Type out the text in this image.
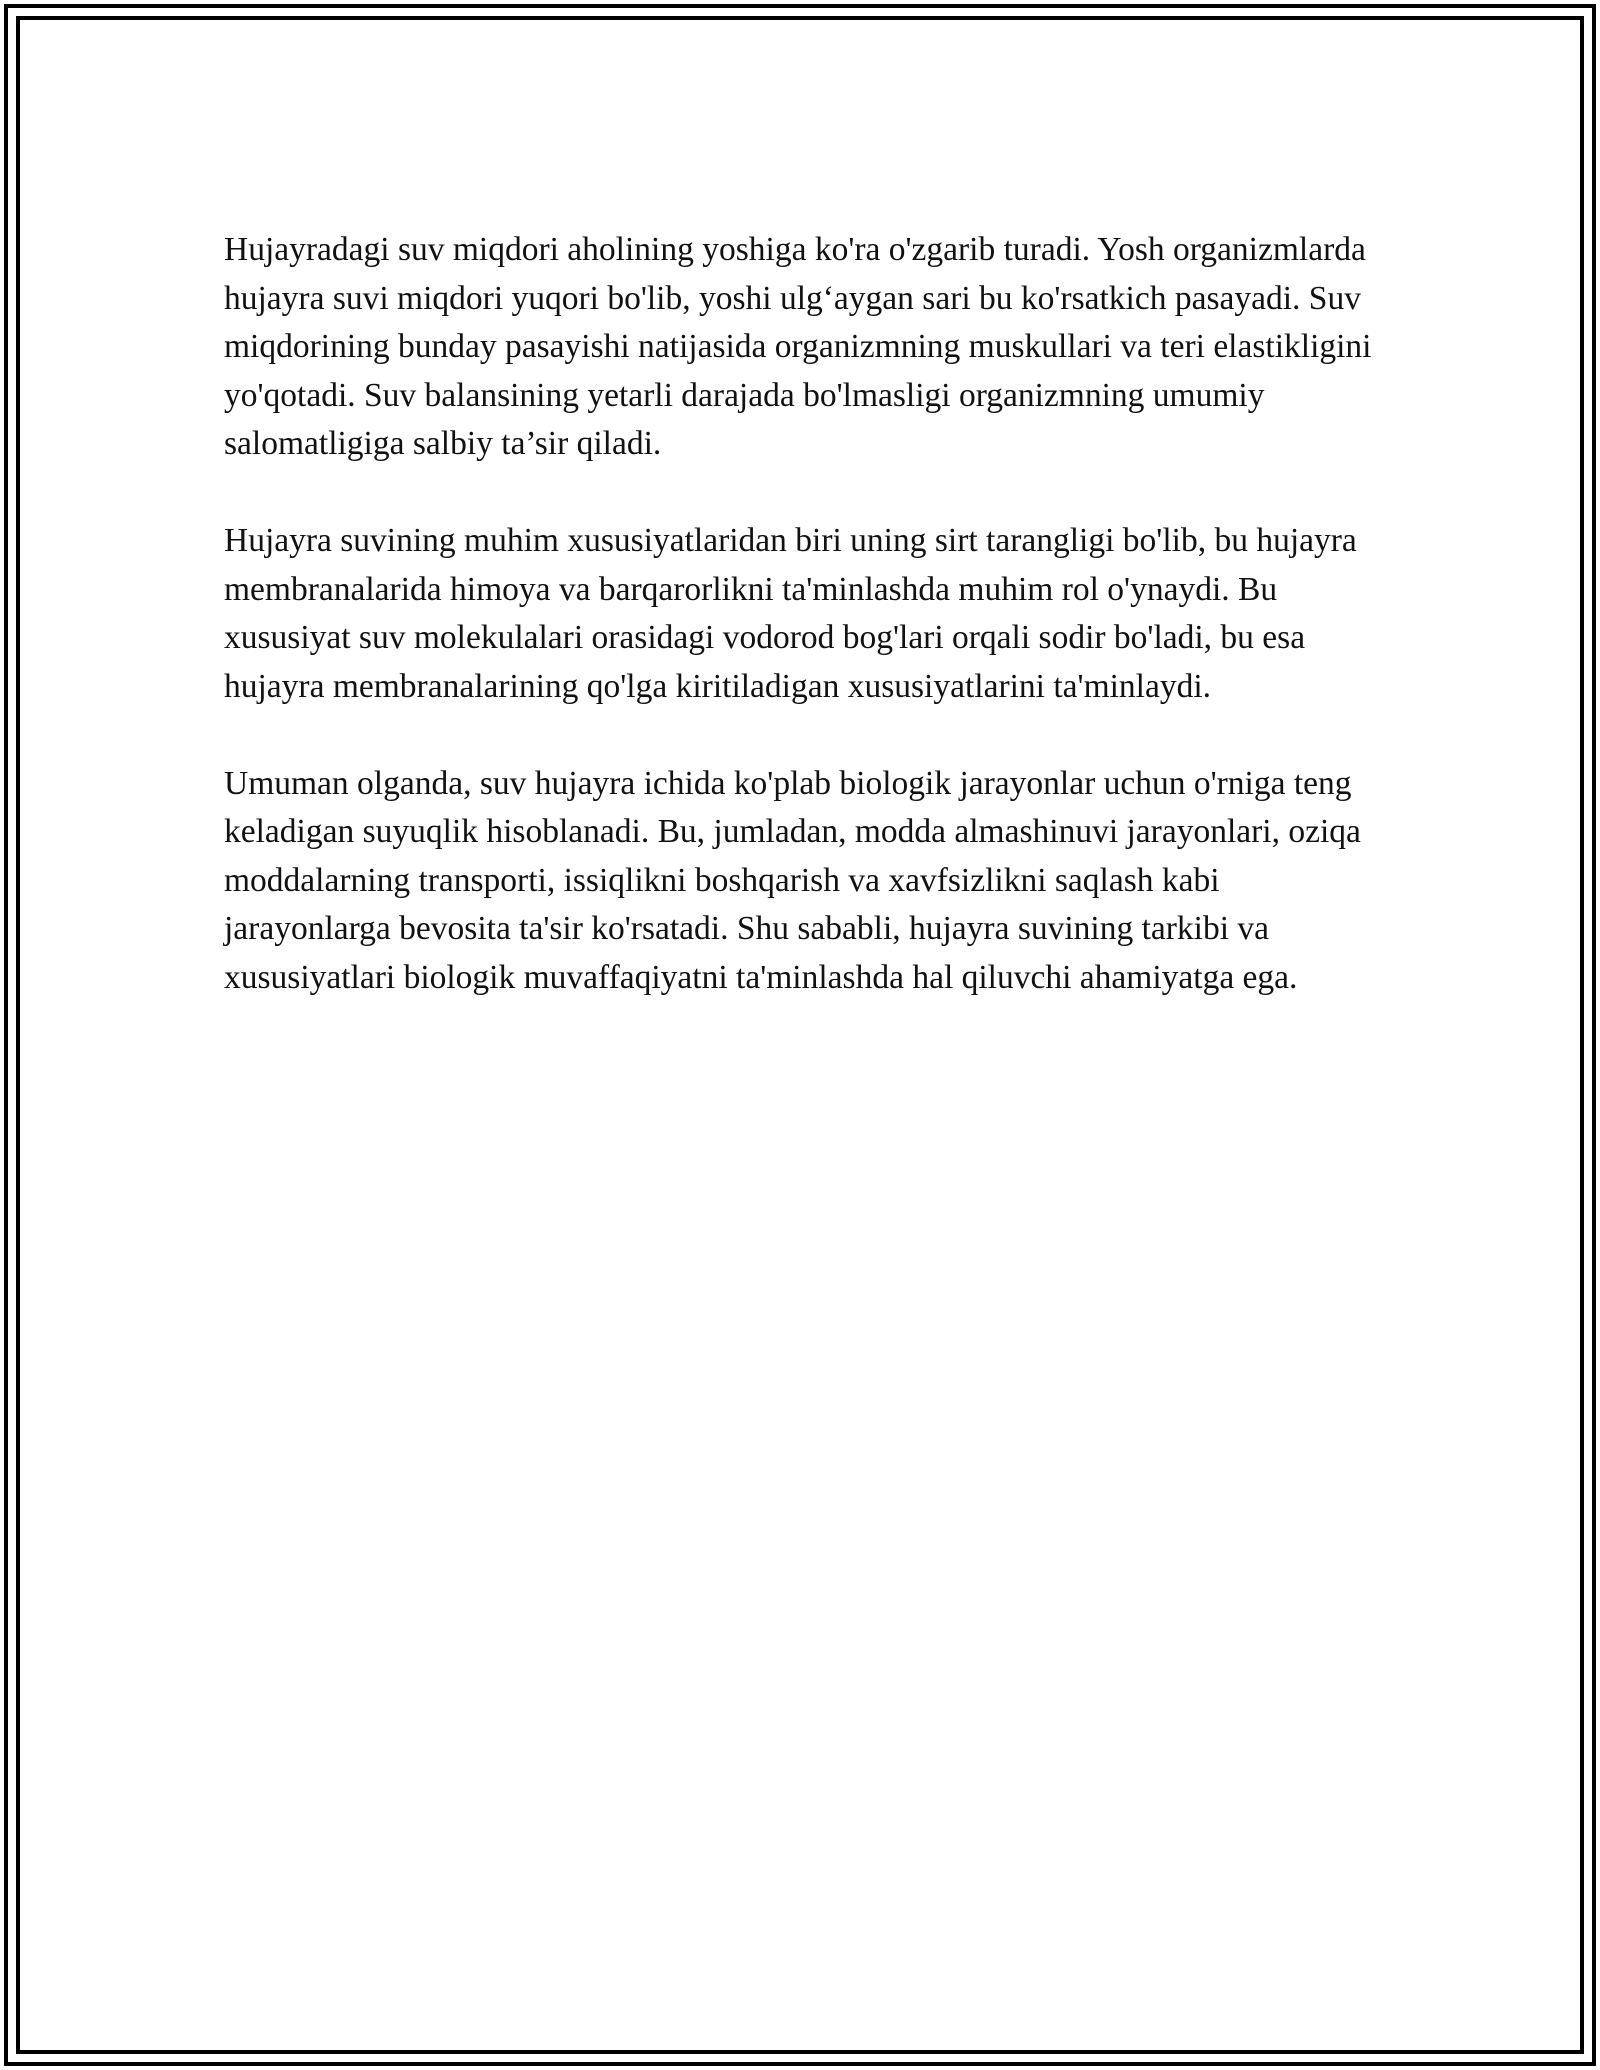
Hujayradagi suv miqdori aholining yoshiga ko'ra o'zgarib turadi. Yosh organizmlarda hujayra suvi miqdori yuqori bo'lib, yoshi ulg‘aygan sari bu ko'rsatkich pasayadi. Suv miqdorining bunday pasayishi natijasida organizmning muskullari va teri elastikligini yo'qotadi. Suv balansining yetarli darajada bo'lmasligi organizmning umumiy salomatligiga salbiy ta’sir qiladi.

Hujayra suvining muhim xususiyatlaridan biri uning sirt tarangligi bo'lib, bu hujayra membranalarida himoya va barqarorlikni ta'minlashda muhim rol o'ynaydi. Bu xususiyat suv molekulalari orasidagi vodorod bog'lari orqali sodir bo'ladi, bu esa hujayra membranalarining qo'lga kiritiladigan xususiyatlarini ta'minlaydi.

Umuman olganda, suv hujayra ichida ko'plab biologik jarayonlar uchun o'rniga teng keladigan suyuqlik hisoblanadi. Bu, jumladan, modda almashinuvi jarayonlari, oziqa moddalarning transporti, issiqlikni boshqarish va xavfsizlikni saqlash kabi jarayonlarga bevosita ta'sir ko'rsatadi. Shu sababli, hujayra suvining tarkibi va xususiyatlari biologik muvaffaqiyatni ta'minlashda hal qiluvchi ahamiyatga ega.
